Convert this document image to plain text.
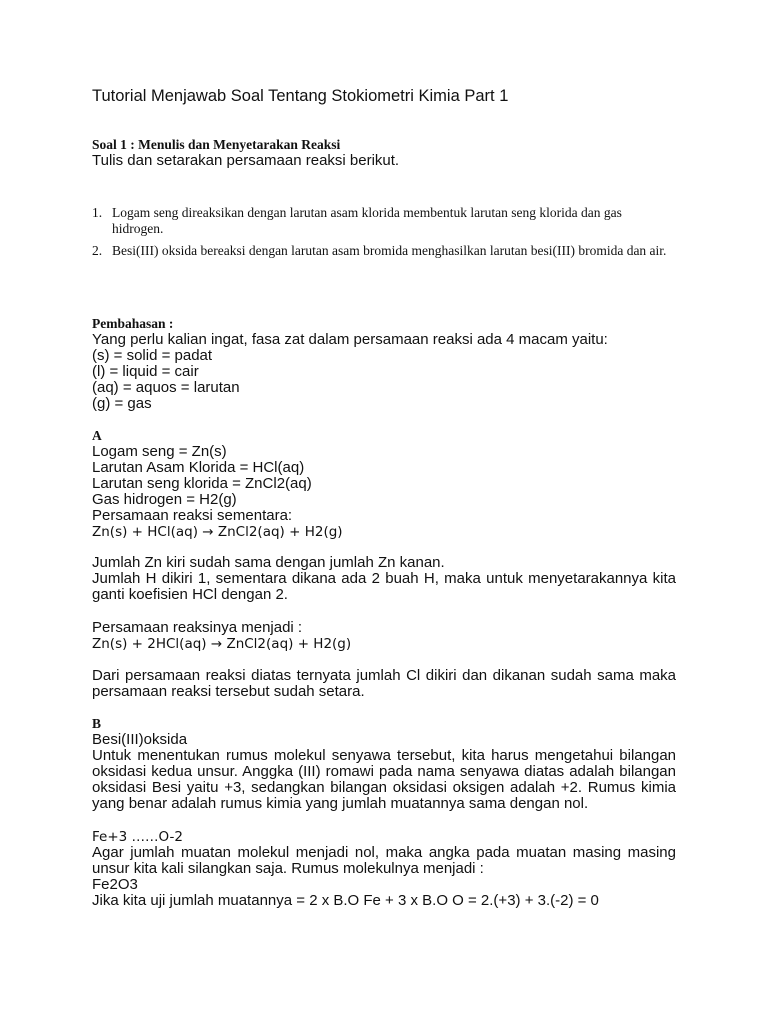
Tutorial Menjawab Soal Tentang Stokiometri Kimia Part 1
Soal 1 : Menulis dan Menyetarakan Reaksi
Tulis dan setarakan persamaan reaksi berikut.
1. Logam seng direaksikan dengan larutan asam klorida membentuk larutan seng klorida dan gas hidrogen.
2. Besi(III) oksida bereaksi dengan larutan asam bromida menghasilkan larutan besi(III) bromida dan air.
Pembahasan :
Yang perlu kalian ingat, fasa zat dalam persamaan reaksi ada 4 macam yaitu:
(s) = solid = padat
(l) = liquid = cair
(aq) = aquos = larutan
(g) = gas
A
Logam seng = Zn(s)
Larutan Asam Klorida = HCl(aq)
Larutan seng klorida = ZnCl2(aq)
Gas hidrogen = H2(g)
Persamaan reaksi sementara:
Zn(s) + HCl(aq) → ZnCl2(aq) + H2(g)
Jumlah Zn kiri sudah sama dengan jumlah Zn kanan.
Jumlah H dikiri 1, sementara dikana ada 2 buah H, maka untuk menyetarakannya kita ganti koefisien HCl dengan 2.
Persamaan reaksinya menjadi :
Zn(s) + 2HCl(aq) → ZnCl2(aq) + H2(g)
Dari persamaan reaksi diatas ternyata jumlah Cl dikiri dan dikanan sudah sama maka persamaan reaksi tersebut sudah setara.
B
Besi(III)oksida
Untuk menentukan rumus molekul senyawa tersebut, kita harus mengetahui bilangan oksidasi kedua unsur. Anggka (III) romawi pada nama senyawa diatas adalah bilangan oksidasi Besi yaitu +3, sedangkan bilangan oksidasi oksigen adalah +2. Rumus kimia yang benar adalah rumus kimia yang jumlah muatannya sama dengan nol.
Fe+3 ……O-2
Agar jumlah muatan molekul menjadi nol, maka angka pada muatan masing masing unsur kita kali silangkan saja. Rumus molekulnya menjadi :
Fe2O3
Jika kita uji jumlah muatannya = 2 x B.O Fe + 3 x B.O O = 2.(+3) + 3.(-2) = 0
